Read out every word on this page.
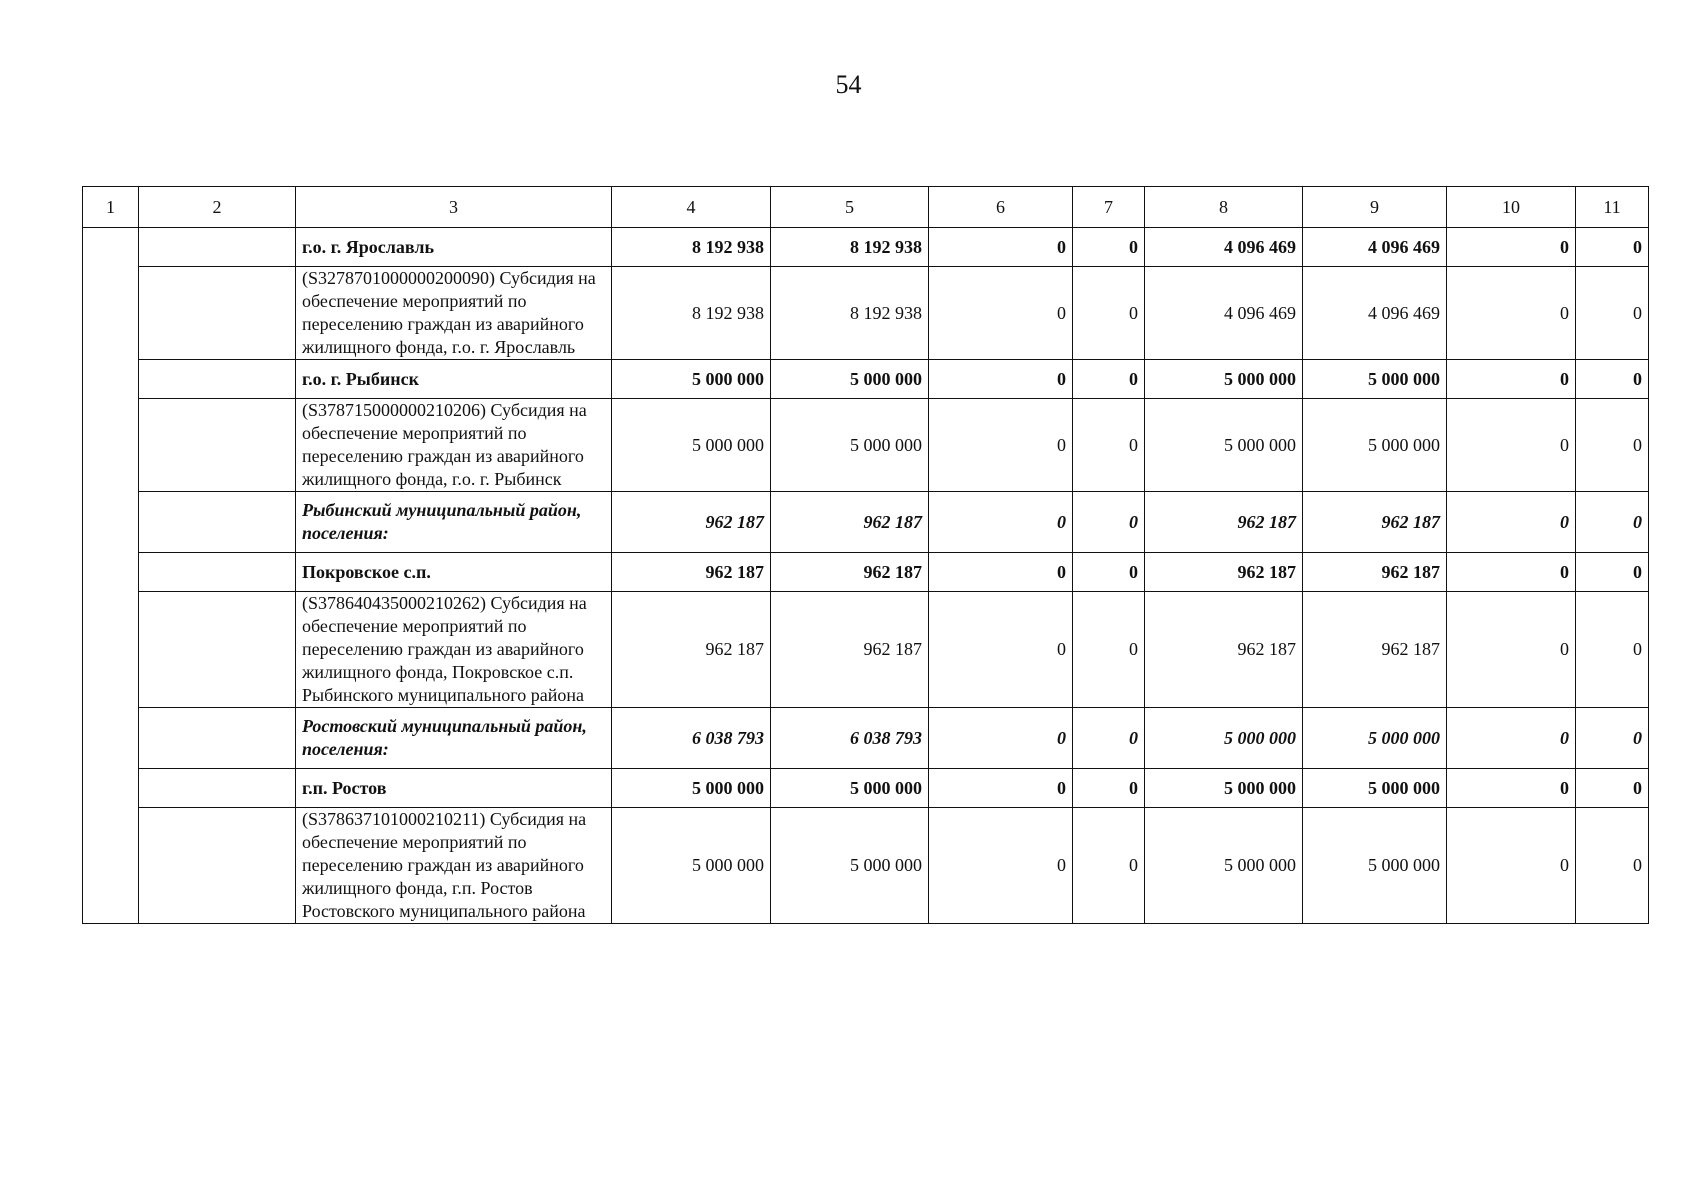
54
1	2	3	4	5	6	7	8	9	10	11
		г.о. г. Ярославль	8 192 938	8 192 938	0	0	4 096 469	4 096 469	0	0
		(S3278701000000200090) Субсидия на обеспечение мероприятий по переселению граждан из аварийного жилищного фонда, г.о. г. Ярославль	8 192 938	8 192 938	0	0	4 096 469	4 096 469	0	0
		г.о. г. Рыбинск	5 000 000	5 000 000	0	0	5 000 000	5 000 000	0	0
		(S378715000000210206) Субсидия на обеспечение мероприятий по переселению граждан из аварийного жилищного фонда, г.о. г. Рыбинск	5 000 000	5 000 000	0	0	5 000 000	5 000 000	0	0
		Рыбинский муниципальный район, поселения:	962 187	962 187	0	0	962 187	962 187	0	0
		Покровское с.п.	962 187	962 187	0	0	962 187	962 187	0	0
		(S378640435000210262) Субсидия на обеспечение мероприятий по переселению граждан из аварийного жилищного фонда, Покровское с.п. Рыбинского муниципального района	962 187	962 187	0	0	962 187	962 187	0	0
		Ростовский муниципальный район, поселения:	6 038 793	6 038 793	0	0	5 000 000	5 000 000	0	0
		г.п. Ростов	5 000 000	5 000 000	0	0	5 000 000	5 000 000	0	0
		(S378637101000210211) Субсидия на обеспечение мероприятий по переселению граждан из аварийного жилищного фонда, г.п. Ростов Ростовского муниципального района	5 000 000	5 000 000	0	0	5 000 000	5 000 000	0	0
